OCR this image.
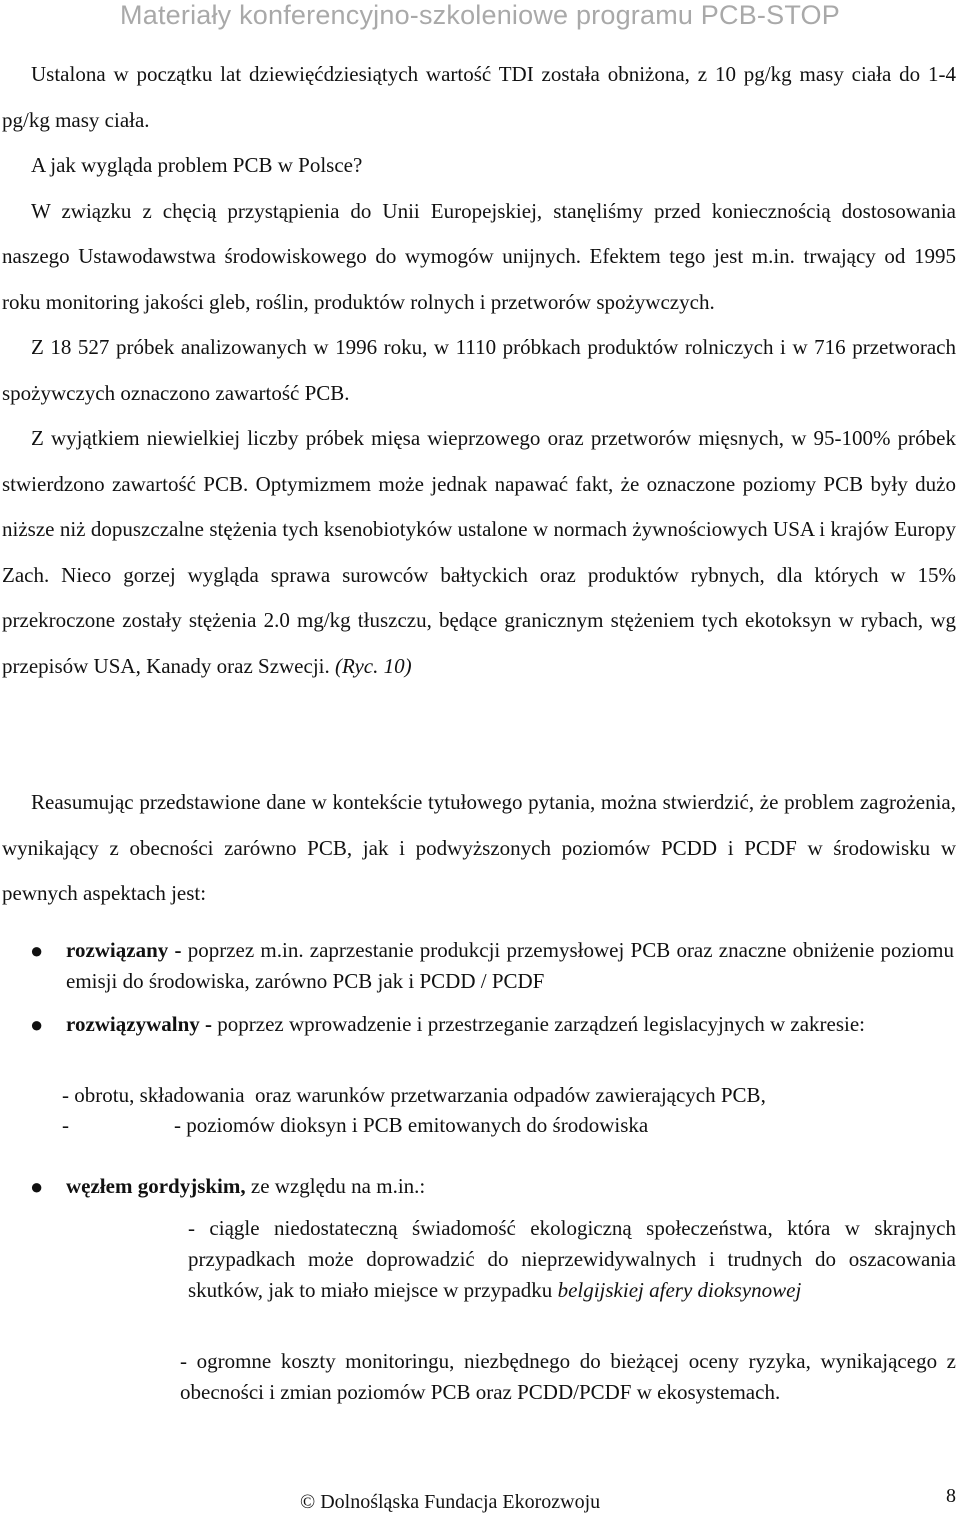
Materiały konferencyjno-szkoleniowe programu PCB-STOP

Ustalona w początku lat dziewięćdziesiątych wartość TDI została obniżona, z 10 pg/kg masy ciała do 1-4 pg/kg masy ciała.

A jak wygląda problem PCB w Polsce?

W związku z chęcią przystąpienia do Unii Europejskiej, stanęliśmy przed koniecznością dostosowania naszego Ustawodawstwa środowiskowego do wymogów unijnych. Efektem tego jest m.in. trwający od 1995 roku monitoring jakości gleb, roślin, produktów rolnych i przetworów spożywczych.

Z 18 527 próbek analizowanych w 1996 roku, w 1110 próbkach produktów rolniczych i w 716 przetworach spożywczych oznaczono zawartość PCB.

Z wyjątkiem niewielkiej liczby próbek mięsa wieprzowego oraz przetworów mięsnych, w 95-100% próbek stwierdzono zawartość PCB. Optymizmem może jednak napawać fakt, że oznaczone poziomy PCB były dużo niższe niż dopuszczalne stężenia tych ksenobiotyków ustalone w normach żywnościowych USA i krajów Europy Zach. Nieco gorzej wygląda sprawa surowców bałtyckich oraz produktów rybnych, dla których w 15% przekroczone zostały stężenia 2.0 mg/kg tłuszczu, będące granicznym stężeniem tych ekotoksyn w rybach, wg przepisów USA, Kanady oraz Szwecji. (Ryc. 10)

Reasumując przedstawione dane w kontekście tytułowego pytania, można stwierdzić, że problem zagrożenia, wynikający z obecności zarówno PCB, jak i podwyższonych poziomów PCDD i PCDF w środowisku w pewnych aspektach jest:

● rozwiązany - poprzez m.in. zaprzestanie produkcji przemysłowej PCB oraz znaczne obniżenie poziomu emisji do środowiska, zarówno PCB jak i PCDD / PCDF
● rozwiązywalny - poprzez wprowadzenie i przestrzeganie zarządzeń legislacyjnych w zakresie:
- obrotu, składowania  oraz warunków przetwarzania odpadów zawierających PCB,
-                    - poziomów dioksyn i PCB emitowanych do środowiska
● węzłem gordyjskim, ze względu na m.in.:
- ciągle niedostateczną świadomość ekologiczną społeczeństwa, która w skrajnych przypadkach może doprowadzić do nieprzewidywalnych i trudnych do oszacowania skutków, jak to miało miejsce w przypadku belgijskiej afery dioksynowej
- ogromne koszty monitoringu, niezbędnego do bieżącej oceny ryzyka, wynikającego z obecności i zmian poziomów PCB oraz PCDD/PCDF w ekosystemach.
© Dolnośląska Fundacja Ekorozwoju	8
